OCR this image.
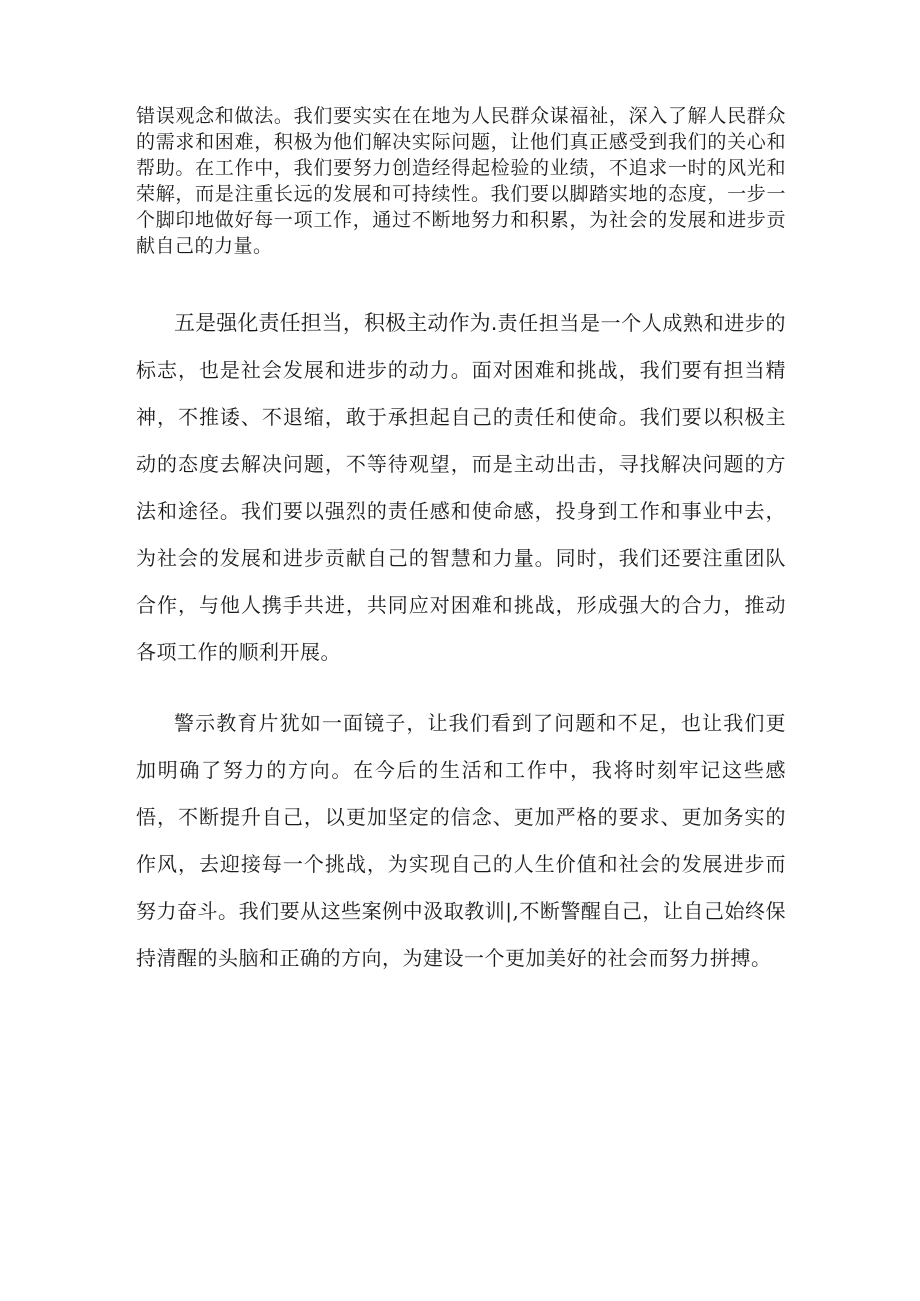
错误观念和做法。我们要实实在在地为人民群众谋福祉，深入了解人民群众的需求和困难，积极为他们解决实际问题，让他们真正感受到我们的关心和帮助。在工作中，我们要努力创造经得起检验的业绩，不追求一时的风光和荣解，而是注重长远的发展和可持续性。我们要以脚踏实地的态度，一步一个脚印地做好每一项工作，通过不断地努力和积累，为社会的发展和进步贡献自己的力量。

五是强化责任担当，积极主动作为.责任担当是一个人成熟和进步的标志，也是社会发展和进步的动力。面对困难和挑战，我们要有担当精神，不推诿、不退缩，敢于承担起自己的责任和使命。我们要以积极主动的态度去解决问题，不等待观望，而是主动出击，寻找解决问题的方法和途径。我们要以强烈的责任感和使命感，投身到工作和事业中去，为社会的发展和进步贡献自己的智慧和力量。同时，我们还要注重团队合作，与他人携手共进，共同应对困难和挑战，形成强大的合力，推动各项工作的顺利开展。

警示教育片犹如一面镜子，让我们看到了问题和不足，也让我们更加明确了努力的方向。在今后的生活和工作中，我将时刻牢记这些感悟，不断提升自己，以更加坚定的信念、更加严格的要求、更加务实的作风，去迎接每一个挑战，为实现自己的人生价值和社会的发展进步而努力奋斗。我们要从这些案例中汲取教训|,不断警醒自己，让自己始终保持清醒的头脑和正确的方向，为建设一个更加美好的社会而努力拼搏。
